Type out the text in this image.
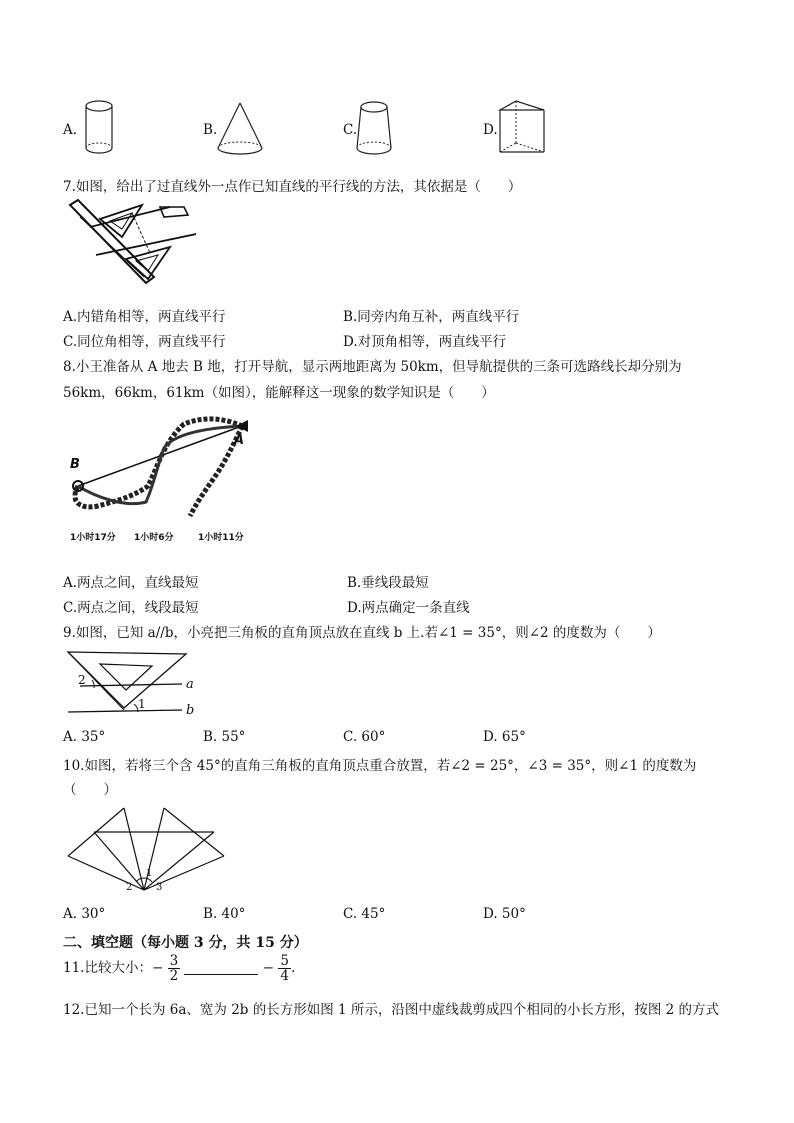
A.	B.	C.	D.
7.如图，给出了过直线外一点作已知直线的平行线的方法，其依据是（　　）
A.内错角相等，两直线平行	B.同旁内角互补，两直线平行
C.同位角相等，两直线平行	D.对顶角相等，两直线平行
8.小王准备从 A 地去 B 地，打开导航，显示两地距离为 50km，但导航提供的三条可选路线长却分别为
56km，66km，61km（如图），能解释这一现象的数学知识是（　　）
A
B
1小时17分 1小时6分	1小时11分
A.两点之间，直线最短	B.垂线段最短
C.两点之间，线段最短	D.两点确定一条直线
9.如图，已知 a//b，小亮把三角板的直角顶点放在直线 b 上.若∠1 = 35°，则∠2 的度数为（　　）
2
1
a
b
A. 35°	B. 55°	C. 60°	D. 65°
10.如图，若将三个含 45°的直角三角板的直角顶点重合放置，若∠2 = 25°，∠3 = 35°，则∠1 的度数为
（　　）
2
1
3
A. 30°	B. 40°	C. 45°	D. 50°
二、填空题（每小题 3 分，共 15 分）
11.比较大小：− $\frac{3}{2}$	− $\frac{5}{4}$ .
12.已知一个长为 6a、宽为 2b 的长方形如图 1 所示，沿图中虚线裁剪成四个相同的小长方形，按图 2 的方式
